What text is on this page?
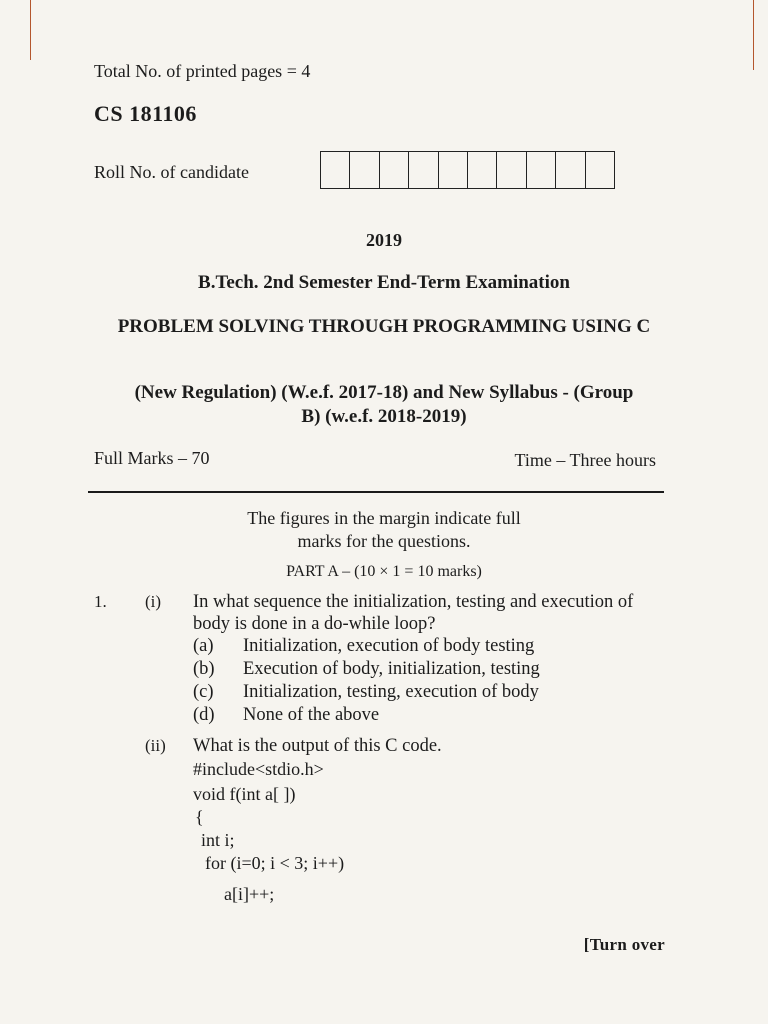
Total No. of printed pages = 4
CS 181106
Roll No. of candidate
2019
B.Tech. 2nd Semester End-Term Examination
PROBLEM SOLVING THROUGH PROGRAMMING USING C
(New Regulation) (W.e.f. 2017-18) and New Syllabus - (Group B) (w.e.f. 2018-2019)
Full Marks – 70	Time – Three hours
The figures in the margin indicate full marks for the questions.
PART A – (10 × 1 = 10 marks)
1. (i) In what sequence the initialization, testing and execution of body is done in a do-while loop?
(a)	Initialization, execution of body testing
(b)	Execution of body, initialization, testing
(c)	Initialization, testing, execution of body
(d)	None of the above
(ii) What is the output of this C code.
#include<stdio.h>
void f(int a[ ])
{
int i;
for (i=0; i < 3; i++)
a[i]++;
[Turn over
